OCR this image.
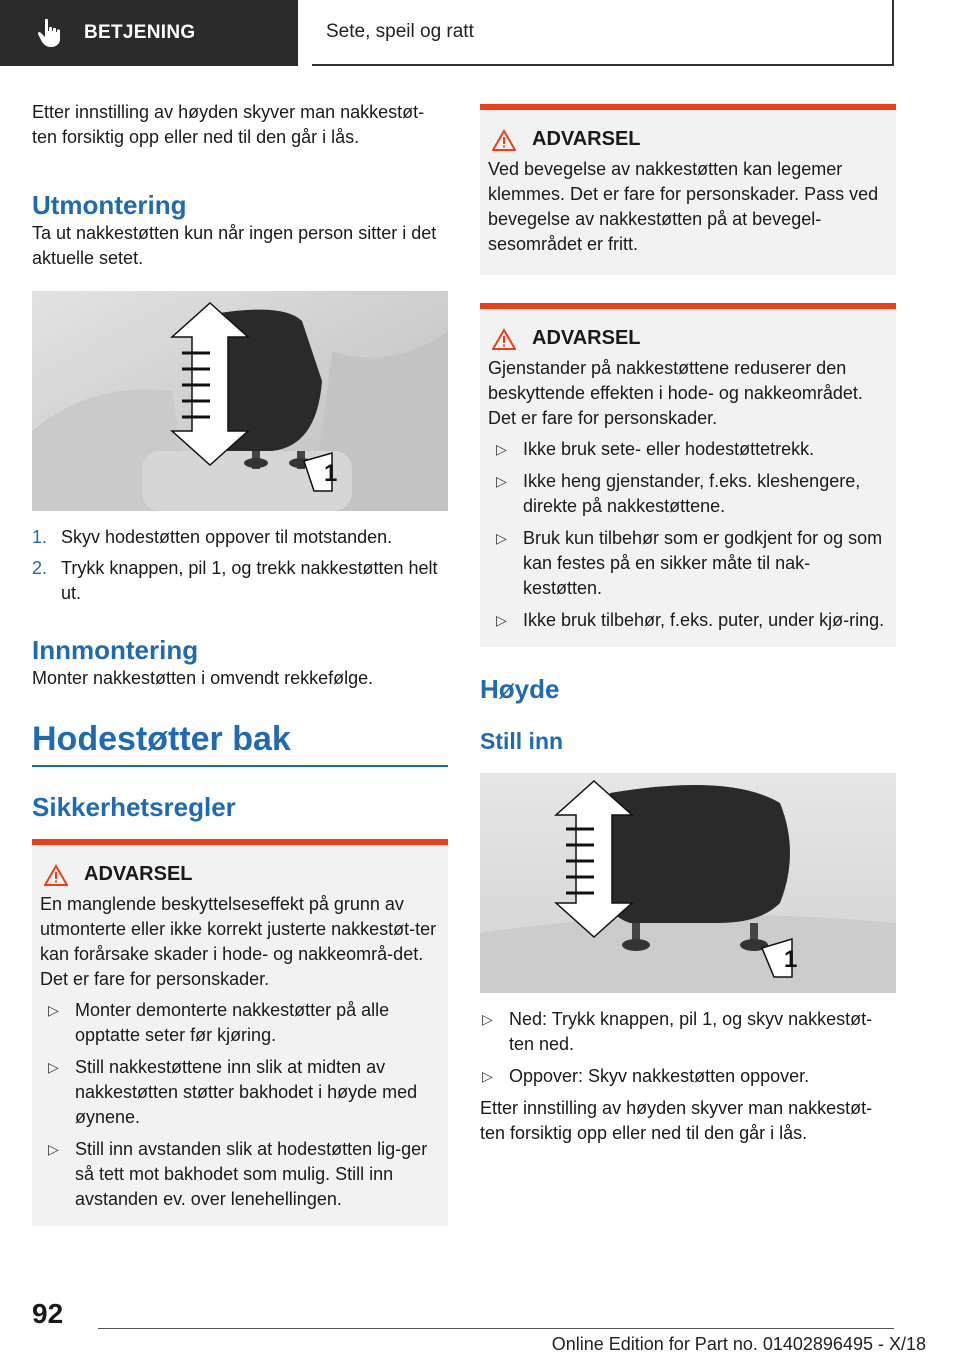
BETJENING	Sete, speil og ratt

Etter innstilling av høyden skyver man nakkestøt-ten forsiktig opp eller ned til den går i lås.

Utmontering

Ta ut nakkestøtten kun når ingen person sitter i det aktuelle setet.

1
1. Skyv hodestøtten oppover til motstanden.
2. Trykk knappen, pil 1, og trekk nakkestøtten helt ut.
Innmontering

Monter nakkestøtten i omvendt rekkefølge.

Hodestøtter bak
Sikkerhetsregler
ADVARSEL

En manglende beskyttelseseffekt på grunn av utmonterte eller ikke korrekt justerte nakkestøt-ter kan forårsake skader i hode- og nakkeområ-det. Det er fare for personskader.

▷ Monter demonterte nakkestøtter på alle opptatte seter før kjøring.
▷ Still nakkestøttene inn slik at midten av nakkestøtten støtter bakhodet i høyde med øynene.
▷ Still inn avstanden slik at hodestøtten lig-ger så tett mot bakhodet som mulig. Still inn avstanden ev. over lenehellingen.
ADVARSEL

Ved bevegelse av nakkestøtten kan legemer klemmes. Det er fare for personskader. Pass ved bevegelse av nakkestøtten på at bevegel-sesområdet er fritt.

ADVARSEL

Gjenstander på nakkestøttene reduserer den beskyttende effekten i hode- og nakkeområdet. Det er fare for personskader.

▷ Ikke bruk sete- eller hodestøttetrekk.
▷ Ikke heng gjenstander, f.eks. kleshengere, direkte på nakkestøttene.
▷ Bruk kun tilbehør som er godkjent for og som kan festes på en sikker måte til nak-kestøtten.
▷ Ikke bruk tilbehør, f.eks. puter, under kjø-ring.
Høyde
Still inn
1
▷ Ned: Trykk knappen, pil 1, og skyv nakkestøt-ten ned.
▷ Oppover: Skyv nakkestøtten oppover.

Etter innstilling av høyden skyver man nakkestøt-ten forsiktig opp eller ned til den går i lås.

92
Online Edition for Part no. 01402896495 - X/18
